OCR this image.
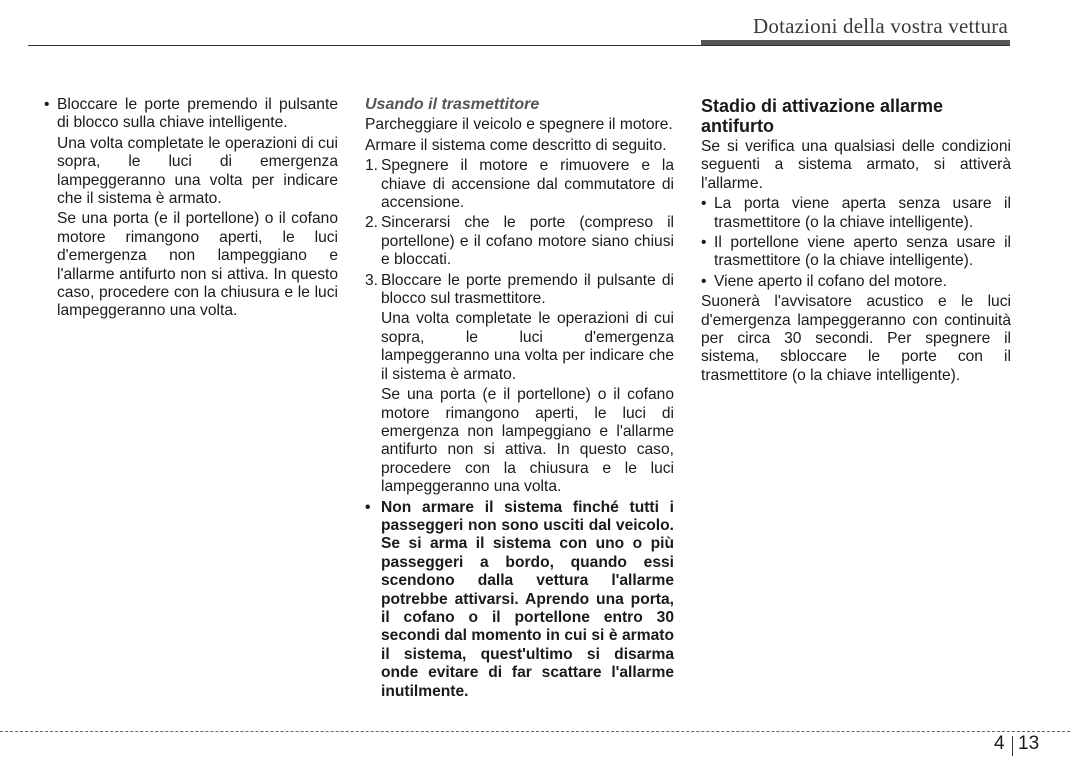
Dotazioni della vostra vettura
• Bloccare le porte premendo il pulsante di blocco sulla chiave intelligente.

Una volta completate le operazioni di cui sopra, le luci di emergenza lampeggeranno una volta per indicare che il sistema è armato.

Se una porta (e il portellone) o il cofano motore rimangono aperti, le luci d'emergenza non lampeggiano e l'allarme antifurto non si attiva. In questo caso, procedere con la chiusura e le luci lampeggeranno una volta.

Usando il trasmettitore

Parcheggiare il veicolo e spegnere il motore.

Armare il sistema come descritto di seguito.

1. Spegnere il motore e rimuovere e la chiave di accensione dal commutatore di accensione.
2. Sincerarsi che le porte (compreso il portellone) e il cofano motore siano chiusi e bloccati.
3. Bloccare le porte premendo il pulsante di blocco sul trasmettitore.

Una volta completate le operazioni di cui sopra, le luci d'emergenza lampeggeranno una volta per indicare che il sistema è armato.

Se una porta (e il portellone) o il cofano motore rimangono aperti, le luci di emergenza non lampeggiano e l'allarme antifurto non si attiva. In questo caso, procedere con la chiusura e le luci lampeggeranno una volta.

• Non armare il sistema finché tutti i passeggeri non sono usciti dal veicolo. Se si arma il sistema con uno o più passeggeri a bordo, quando essi scendono dalla vettura l'allarme potrebbe attivarsi. Aprendo una porta, il cofano o il portellone entro 30 secondi dal momento in cui si è armato il sistema, quest'ultimo si disarma onde evitare di far scattare l'allarme inutilmente.

Stadio di attivazione allarme antifurto

Se si verifica una qualsiasi delle condizioni seguenti a sistema armato, si attiverà l'allarme.

• La porta viene aperta senza usare il trasmettitore (o la chiave intelligente).
• Il portellone viene aperto senza usare il trasmettitore (o la chiave intelligente).
• Viene aperto il cofano del motore.

Suonerà l'avvisatore acustico e le luci d'emergenza lampeggeranno con continuità per circa 30 secondi. Per spegnere il sistema, sbloccare le porte con il trasmettitore (o la chiave intelligente).

4 13
